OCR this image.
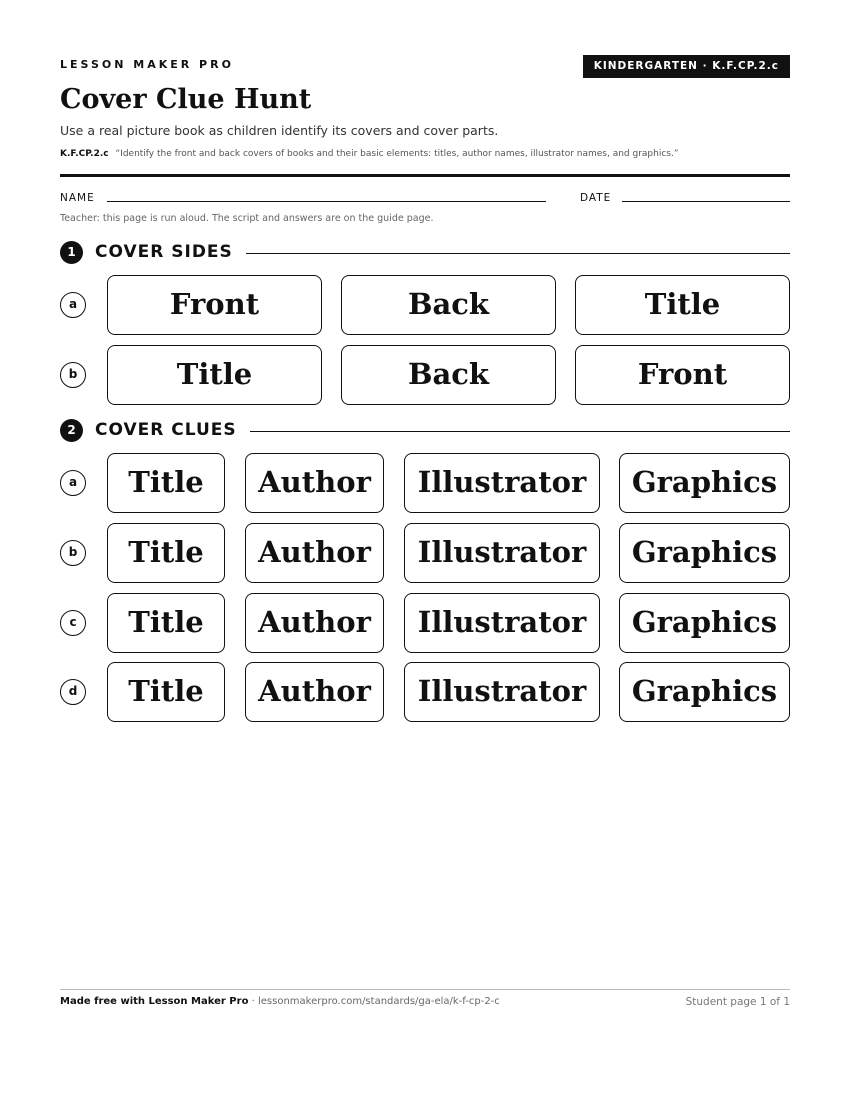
LESSON MAKER PRO	KINDERGARTEN · K.F.CP.2.c
Cover Clue Hunt
Use a real picture book as children identify its covers and cover parts.
K.F.CP.2.c “Identify the front and back covers of books and their basic elements: titles, author names, illustrator names, and graphics.”
NAME	DATE
Teacher: this page is run aloud. The script and answers are on the guide page.
1	COVER SIDES
a	Front	Back	Title
b	Title	Back	Front
2	COVER CLUES
a	Title	Author	Illustrator	Graphics
b	Title	Author	Illustrator	Graphics
c	Title	Author	Illustrator	Graphics
d	Title	Author	Illustrator	Graphics
Made free with Lesson Maker Pro · lessonmakerpro.com/standards/ga-ela/k-f-cp-2-c	Student page 1 of 1
